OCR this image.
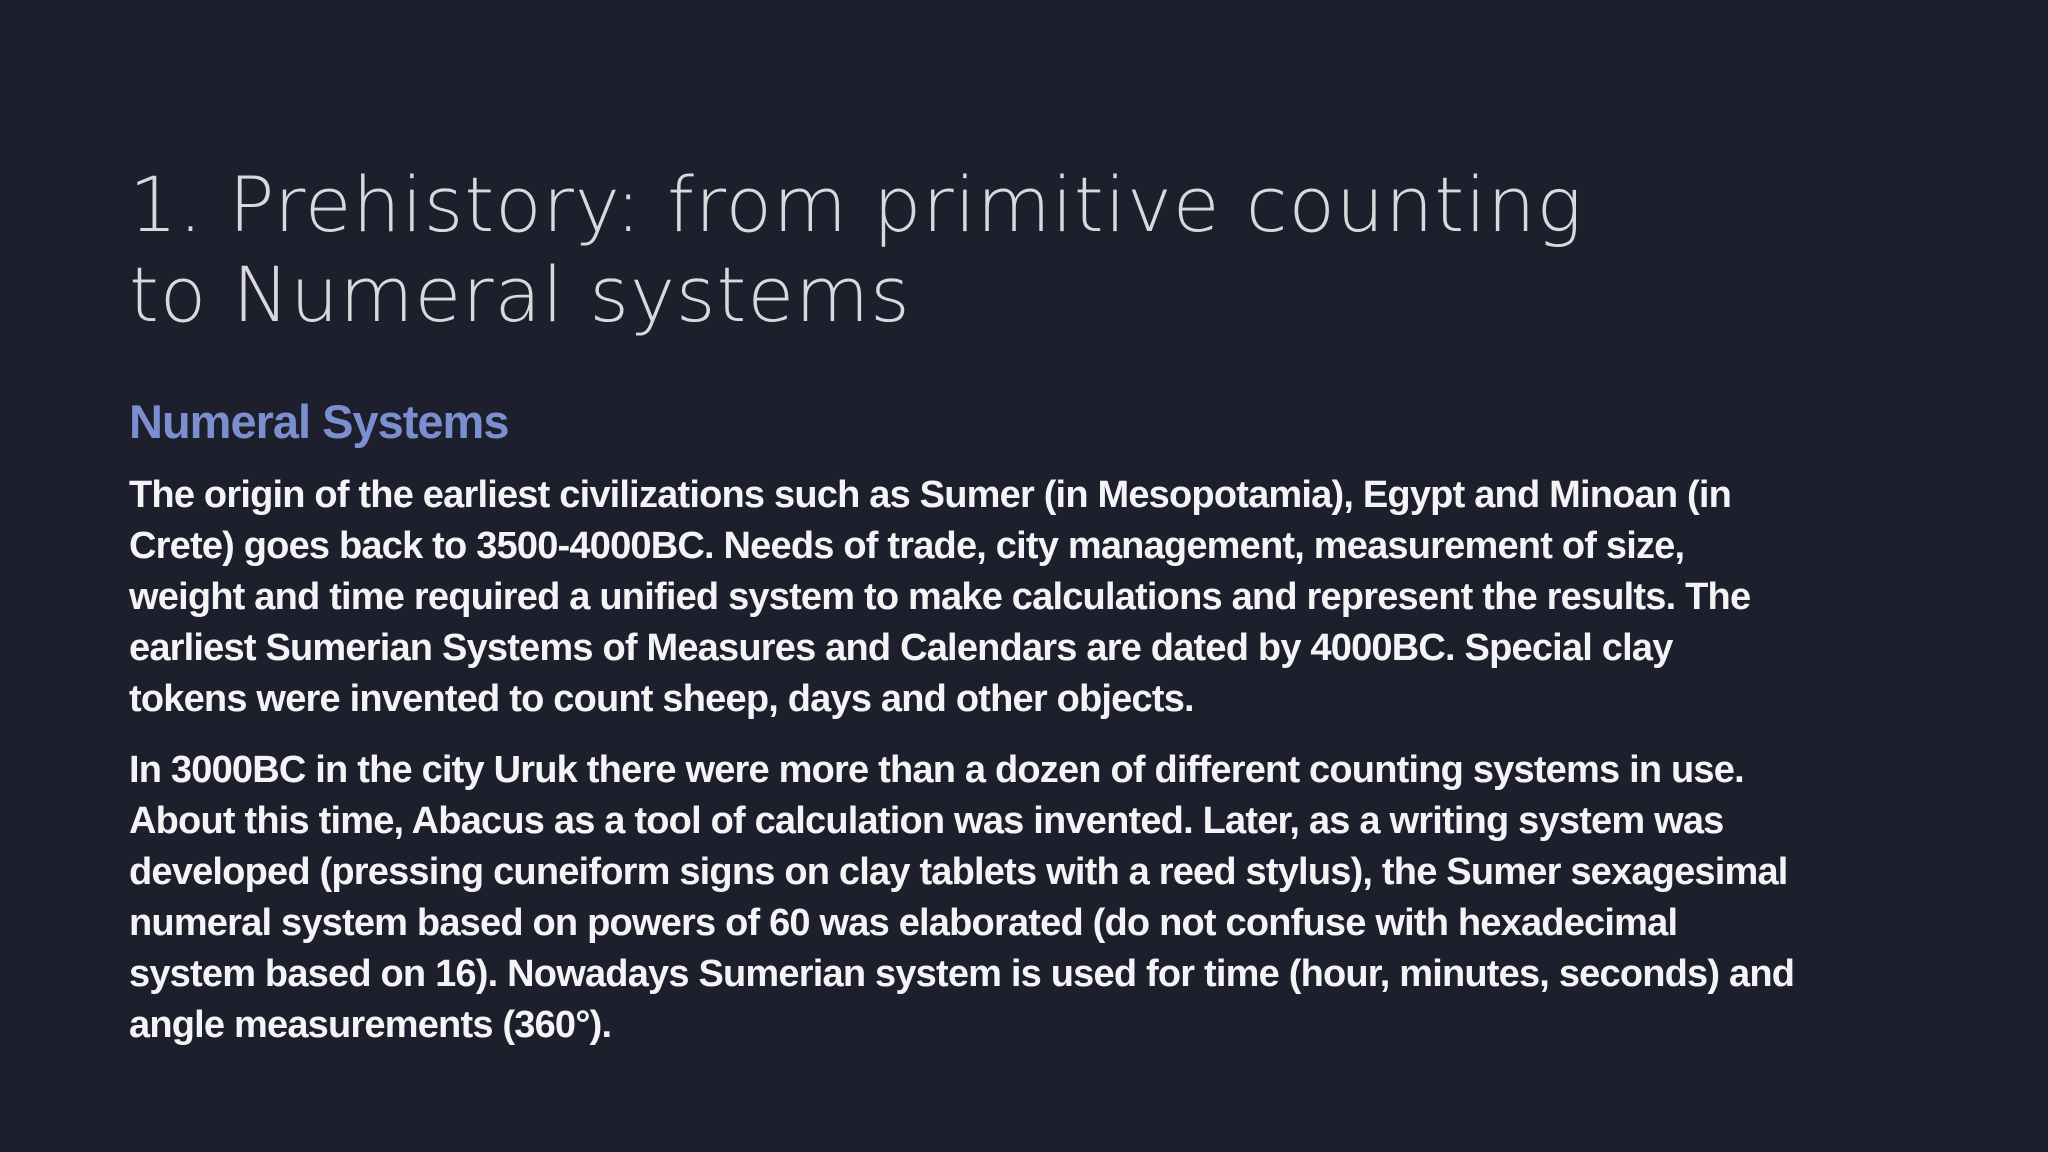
1. Prehistory: from primitive counting
to Numeral systems
Numeral Systems

The origin of the earliest civilizations such as Sumer (in Mesopotamia), Egypt and Minoan (in
Crete) goes back to 3500-4000BC. Needs of trade, city management, measurement of size,
weight and time required a unified system to make calculations and represent the results. The
earliest Sumerian Systems of Measures and Calendars are dated by 4000BC. Special clay
tokens were invented to count sheep, days and other objects.

In 3000BC in the city Uruk there were more than a dozen of different counting systems in use.
About this time, Abacus as a tool of calculation was invented. Later, as a writing system was
developed (pressing cuneiform signs on clay tablets with a reed stylus), the Sumer sexagesimal
numeral system based on powers of 60 was elaborated (do not confuse with hexadecimal
system based on 16). Nowadays Sumerian system is used for time (hour, minutes, seconds) and
angle measurements (360°).
